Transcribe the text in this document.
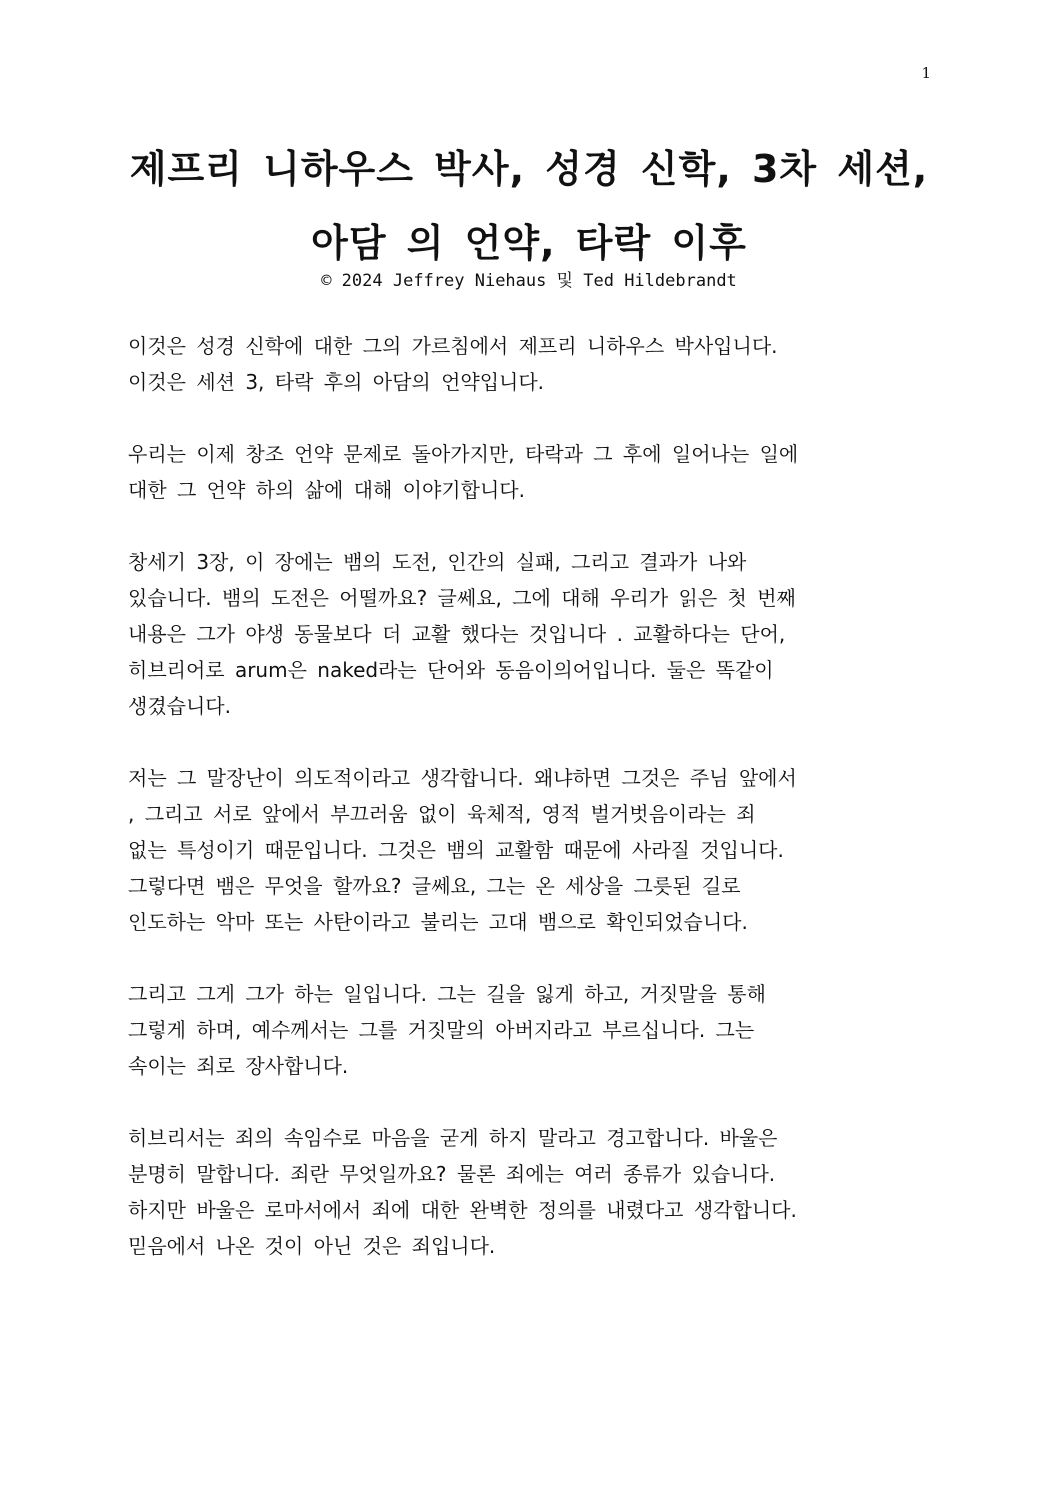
1
제프리 니하우스 박사, 성경 신학, 3차 세션,
아담 의 언약, 타락 이후
© 2024 Jeffrey Niehaus 및 Ted Hildebrandt

이것은 성경 신학에 대한 그의 가르침에서 제프리 니하우스 박사입니다.
이것은 세션 3, 타락 후의 아담의 언약입니다.

우리는 이제 창조 언약 문제로 돌아가지만, 타락과 그 후에 일어나는 일에
대한 그 언약 하의 삶에 대해 이야기합니다.

창세기 3장, 이 장에는 뱀의 도전, 인간의 실패, 그리고 결과가 나와
있습니다. 뱀의 도전은 어떨까요? 글쎄요, 그에 대해 우리가 읽은 첫 번째
내용은 그가 야생 동물보다 더 교활 했다는 것입니다 . 교활하다는 단어,
히브리어로 arum은 naked라는 단어와 동음이의어입니다. 둘은 똑같이
생겼습니다.

저는 그 말장난이 의도적이라고 생각합니다. 왜냐하면 그것은 주님 앞에서
, 그리고 서로 앞에서 부끄러움 없이 육체적, 영적 벌거벗음이라는 죄
없는 특성이기 때문입니다. 그것은 뱀의 교활함 때문에 사라질 것입니다.
그렇다면 뱀은 무엇을 할까요? 글쎄요, 그는 온 세상을 그릇된 길로
인도하는 악마 또는 사탄이라고 불리는 고대 뱀으로 확인되었습니다.

그리고 그게 그가 하는 일입니다. 그는 길을 잃게 하고, 거짓말을 통해
그렇게 하며, 예수께서는 그를 거짓말의 아버지라고 부르십니다. 그는
속이는 죄로 장사합니다.

히브리서는 죄의 속임수로 마음을 굳게 하지 말라고 경고합니다. 바울은
분명히 말합니다. 죄란 무엇일까요? 물론 죄에는 여러 종류가 있습니다.
하지만 바울은 로마서에서 죄에 대한 완벽한 정의를 내렸다고 생각합니다.
믿음에서 나온 것이 아닌 것은 죄입니다.
